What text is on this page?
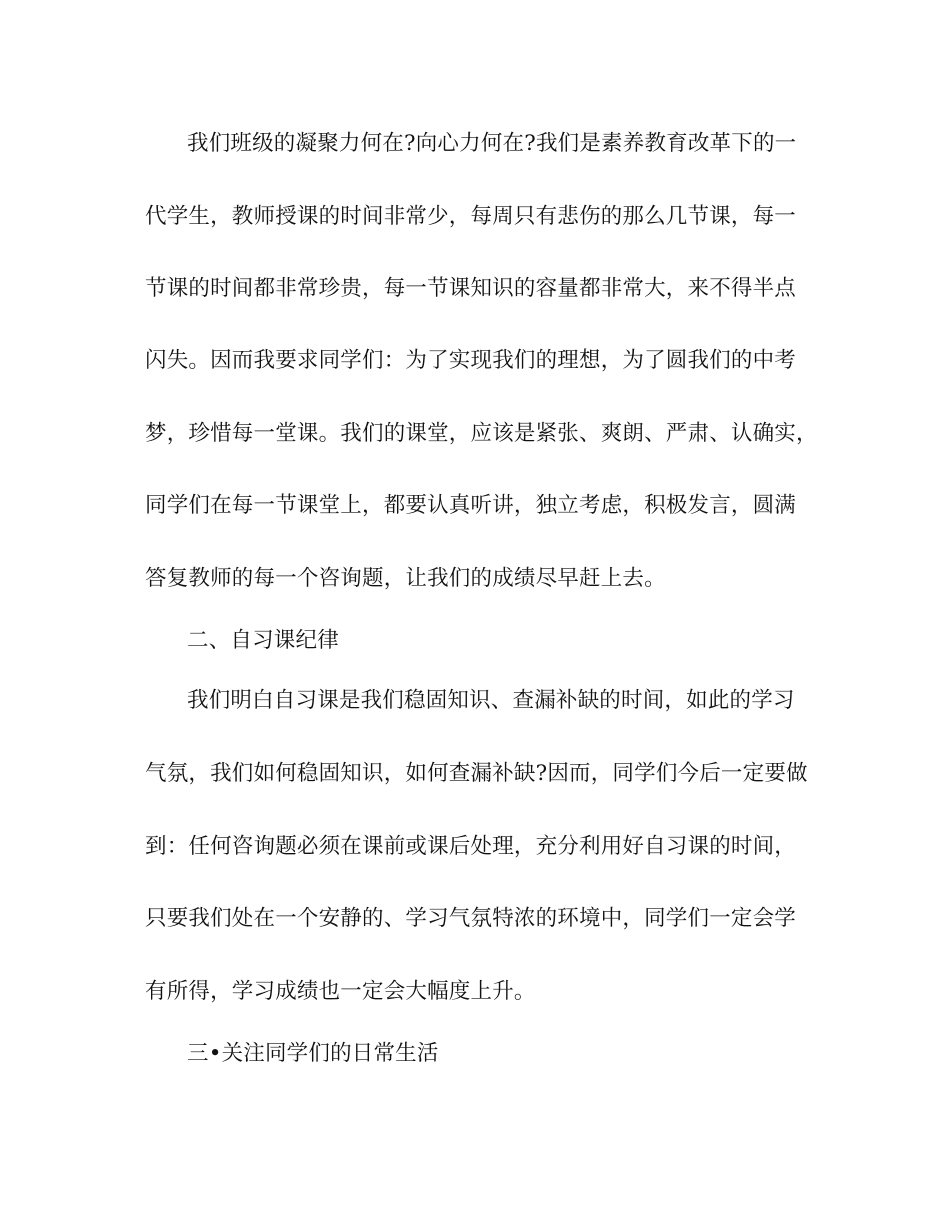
我们班级的凝聚力何在?向心力何在?我们是素养教育改革下的一
代学生，教师授课的时间非常少，每周只有悲伤的那么几节课，每一
节课的时间都非常珍贵，每一节课知识的容量都非常大，来不得半点
闪失。因而我要求同学们：为了实现我们的理想，为了圆我们的中考
梦，珍惜每一堂课。我们的课堂，应该是紧张、爽朗、严肃、认确实，
同学们在每一节课堂上，都要认真听讲，独立考虑，积极发言，圆满
答复教师的每一个咨询题，让我们的成绩尽早赶上去。
二、自习课纪律
我们明白自习课是我们稳固知识、查漏补缺的时间，如此的学习
气氛，我们如何稳固知识，如何查漏补缺?因而，同学们今后一定要做
到：任何咨询题必须在课前或课后处理，充分利用好自习课的时间，
只要我们处在一个安静的、学习气氛特浓的环境中，同学们一定会学
有所得，学习成绩也一定会大幅度上升。
三•关注同学们的日常生活
